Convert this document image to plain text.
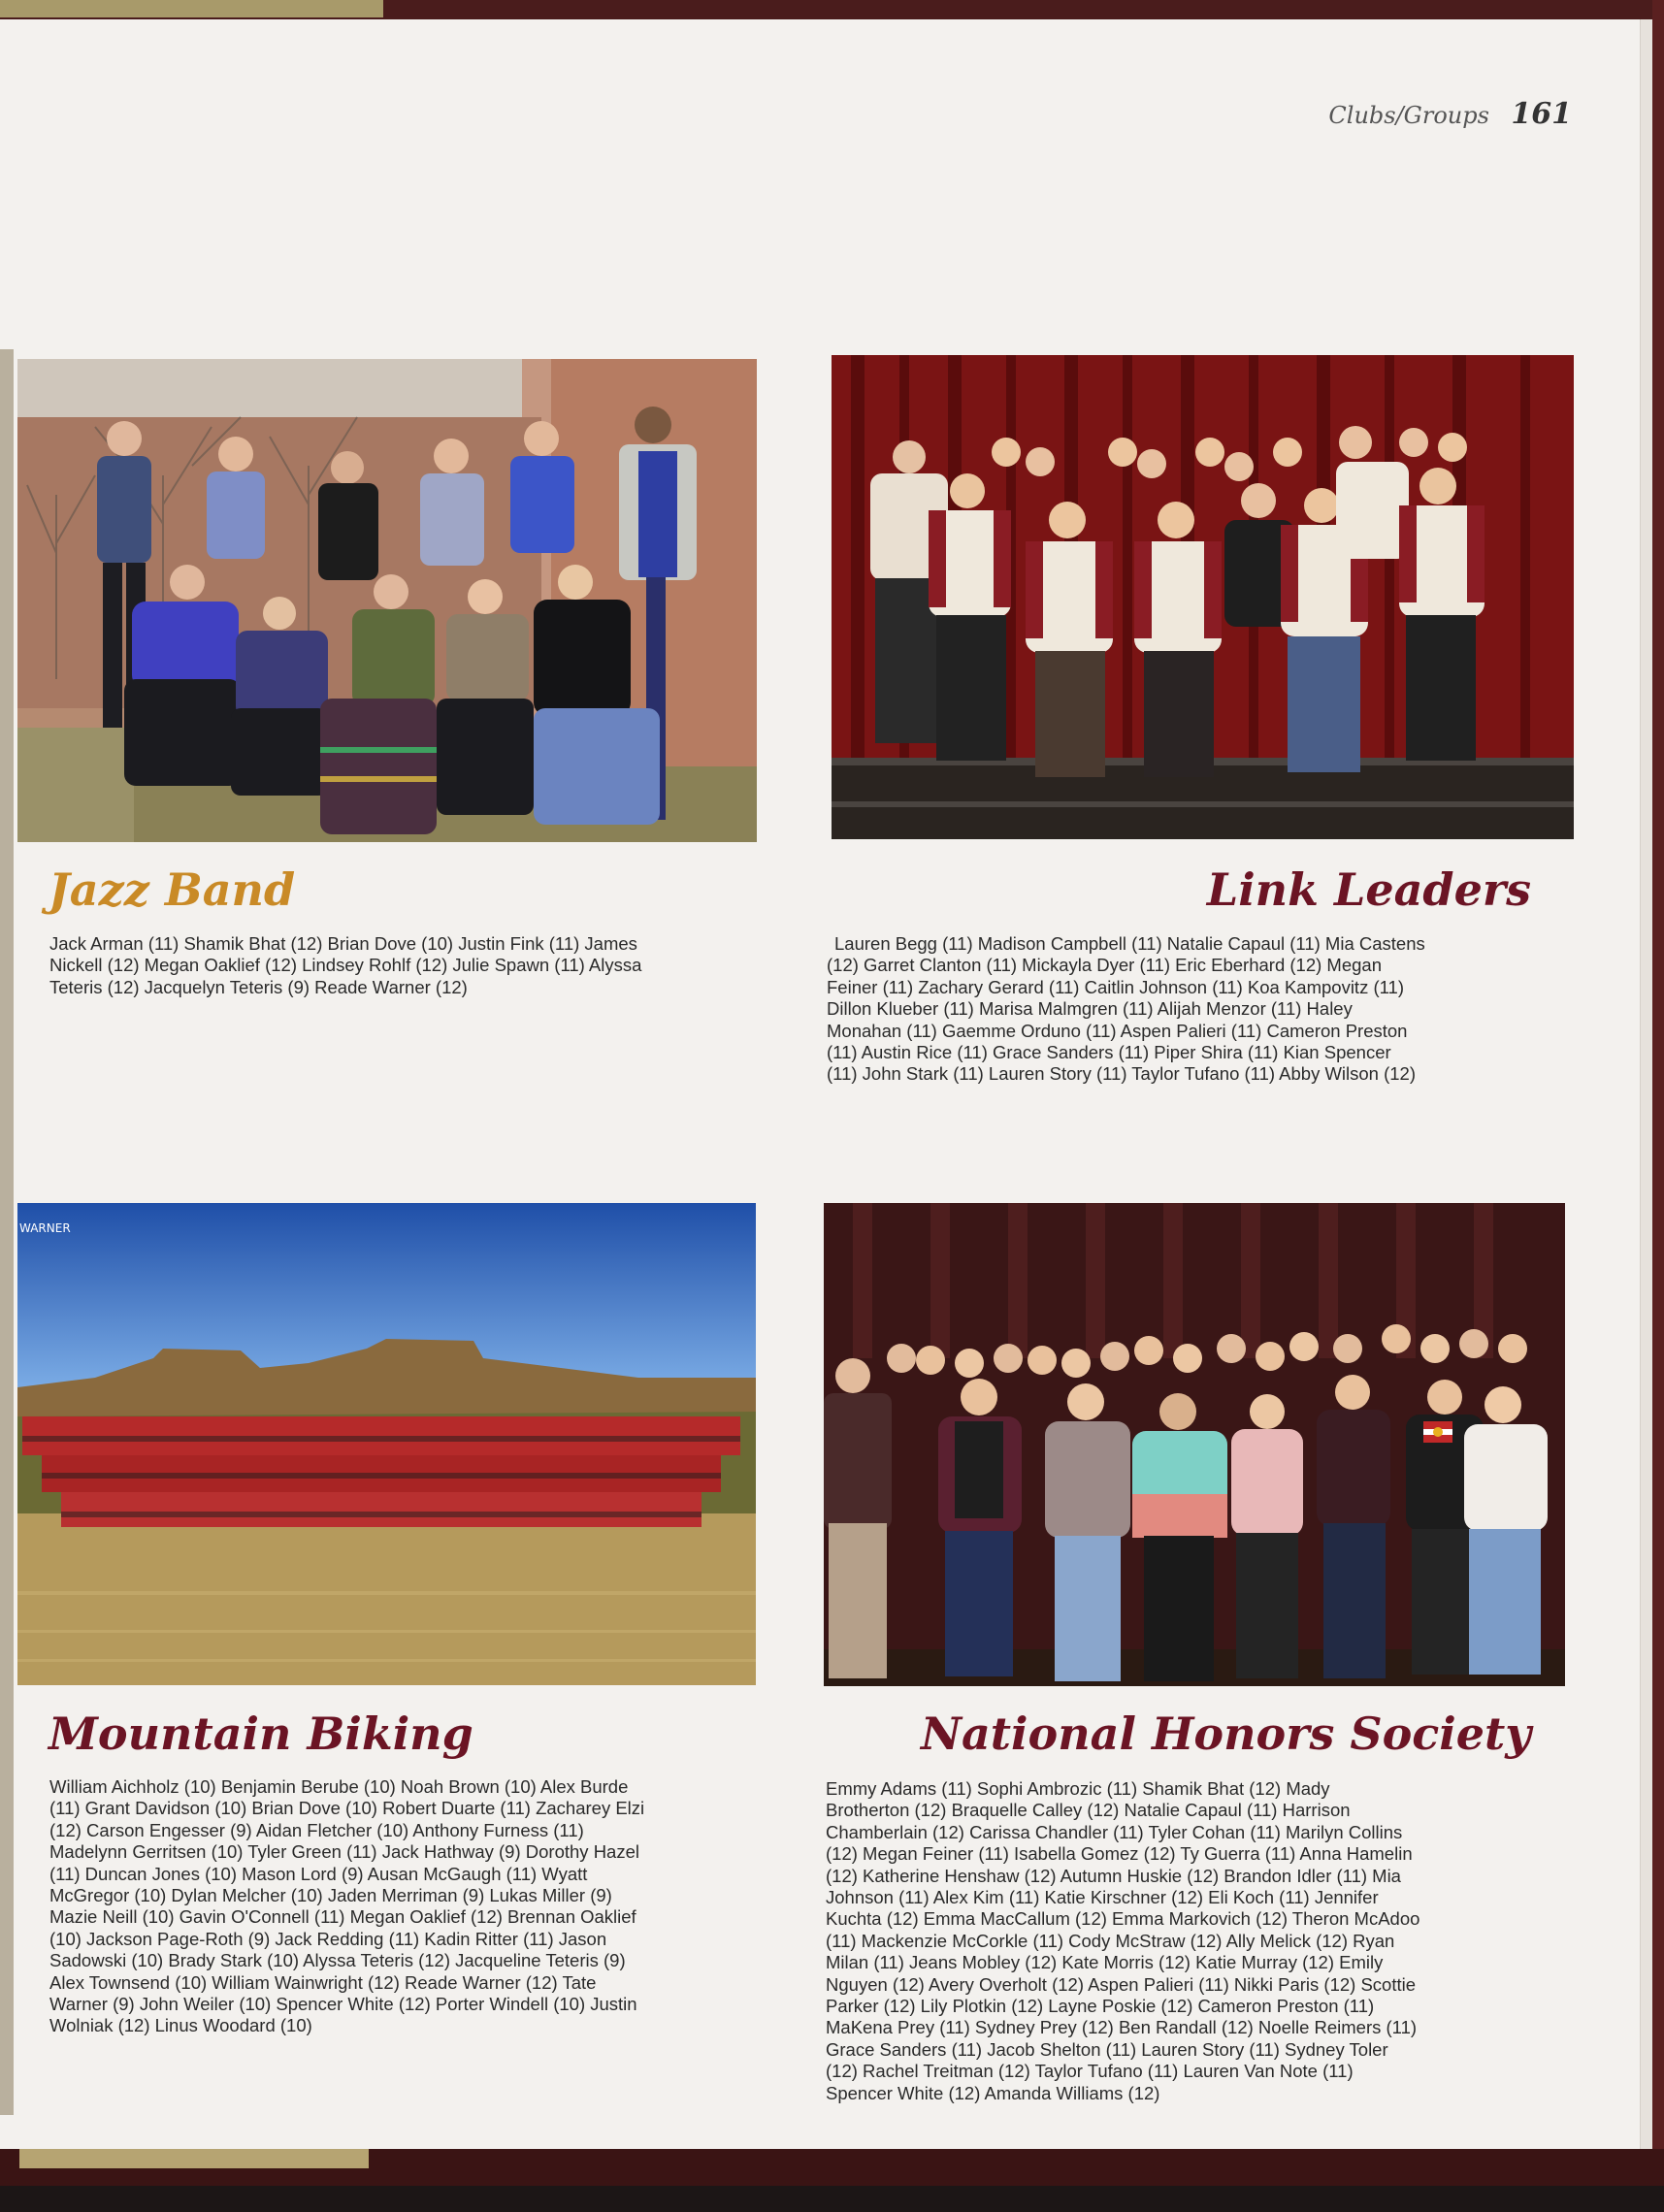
Clubs/Groups 161
WARNER
Jazz Band	Link Leaders
Mountain Biking	National Honors Society
Jack Arman (11) Shamik Bhat (12) Brian Dove (10) Justin Fink (11) James
Nickell (12) Megan Oaklief (12) Lindsey Rohlf (12) Julie Spawn (11) Alyssa
Teteris (12) Jacquelyn Teteris (9) Reade Warner (12)
Lauren Begg (11) Madison Campbell (11) Natalie Capaul (11) Mia Castens
(12) Garret Clanton (11) Mickayla Dyer (11) Eric Eberhard (12) Megan
Feiner (11) Zachary Gerard (11) Caitlin Johnson (11) Koa Kampovitz (11)
Dillon Klueber (11) Marisa Malmgren (11) Alijah Menzor (11) Haley
Monahan (11) Gaemme Orduno (11) Aspen Palieri (11) Cameron Preston
(11) Austin Rice (11) Grace Sanders (11) Piper Shira (11) Kian Spencer
(11) John Stark (11) Lauren Story (11) Taylor Tufano (11) Abby Wilson (12)
William Aichholz (10) Benjamin Berube (10) Noah Brown (10) Alex Burde
(11) Grant Davidson (10) Brian Dove (10) Robert Duarte (11) Zacharey Elzi
(12) Carson Engesser (9) Aidan Fletcher (10) Anthony Furness (11)
Madelynn Gerritsen (10) Tyler Green (11) Jack Hathway (9) Dorothy Hazel
(11) Duncan Jones (10) Mason Lord (9) Ausan McGaugh (11) Wyatt
McGregor (10) Dylan Melcher (10) Jaden Merriman (9) Lukas Miller (9)
Mazie Neill (10) Gavin O'Connell (11) Megan Oaklief (12) Brennan Oaklief
(10) Jackson Page-Roth (9) Jack Redding (11) Kadin Ritter (11) Jason
Sadowski (10) Brady Stark (10) Alyssa Teteris (12) Jacqueline Teteris (9)
Alex Townsend (10) William Wainwright (12) Reade Warner (12) Tate
Warner (9) John Weiler (10) Spencer White (12) Porter Windell (10) Justin
Wolniak (12) Linus Woodard (10)
Emmy Adams (11) Sophi Ambrozic (11) Shamik Bhat (12) Mady
Brotherton (12) Braquelle Calley (12) Natalie Capaul (11) Harrison
Chamberlain (12) Carissa Chandler (11) Tyler Cohan (11) Marilyn Collins
(12) Megan Feiner (11) Isabella Gomez (12) Ty Guerra (11) Anna Hamelin
(12) Katherine Henshaw (12) Autumn Huskie (12) Brandon Idler (11) Mia
Johnson (11) Alex Kim (11) Katie Kirschner (12) Eli Koch (11) Jennifer
Kuchta (12) Emma MacCallum (12) Emma Markovich (12) Theron McAdoo
(11) Mackenzie McCorkle (11) Cody McStraw (12) Ally Melick (12) Ryan
Milan (11) Jeans Mobley (12) Kate Morris (12) Katie Murray (12) Emily
Nguyen (12) Avery Overholt (12) Aspen Palieri (11) Nikki Paris (12) Scottie
Parker (12) Lily Plotkin (12) Layne Poskie (12) Cameron Preston (11)
MaKena Prey (11) Sydney Prey (12) Ben Randall (12) Noelle Reimers (11)
Grace Sanders (11) Jacob Shelton (11) Lauren Story (11) Sydney Toler
(12) Rachel Treitman (12) Taylor Tufano (11) Lauren Van Note (11)
Spencer White (12) Amanda Williams (12)
